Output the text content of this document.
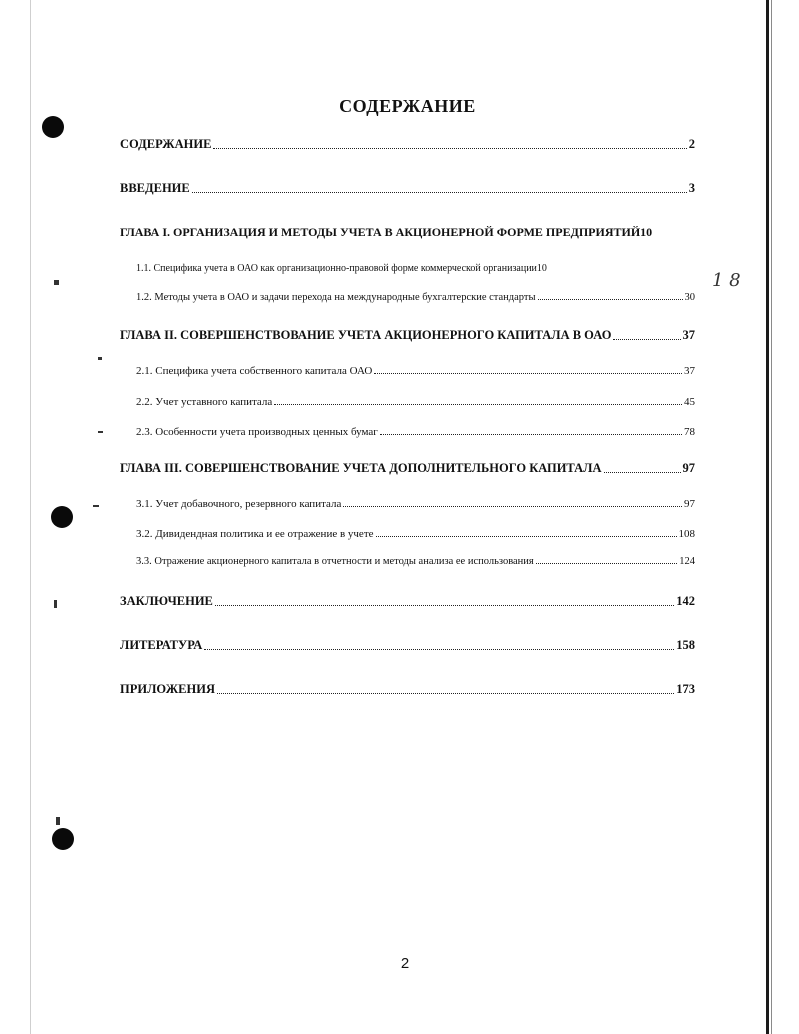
СОДЕРЖАНИЕ
СОДЕРЖАНИЕ	2
ВВЕДЕНИЕ	3
ГЛАВА I. ОРГАНИЗАЦИЯ И МЕТОДЫ УЧЕТА В АКЦИОНЕРНОЙ ФОРМЕ ПРЕДПРИЯТИЙ 10
1.1. Специфика учета в ОАО как организационно-правовой форме коммерческой организации 10
1.2. Методы учета в ОАО и задачи перехода на международные бухгалтерские стандарты	30
ГЛАВА II. СОВЕРШЕНСТВОВАНИЕ УЧЕТА АКЦИОНЕРНОГО КАПИТАЛА В ОАО	37
2.1. Специфика учета собственного капитала ОАО	37
2.2. Учет уставного капитала	45
2.3. Особенности учета производных ценных бумаг	78
ГЛАВА III. СОВЕРШЕНСТВОВАНИЕ УЧЕТА ДОПОЛНИТЕЛЬНОГО КАПИТАЛА	97
3.1. Учет добавочного, резервного капитала	97
3.2. Дивидендная политика и ее отражение в учете	108
3.3. Отражение акционерного капитала в отчетности и методы анализа ее использования	124
ЗАКЛЮЧЕНИЕ	142
ЛИТЕРАТУРА	158
ПРИЛОЖЕНИЯ	173
1 8
2
